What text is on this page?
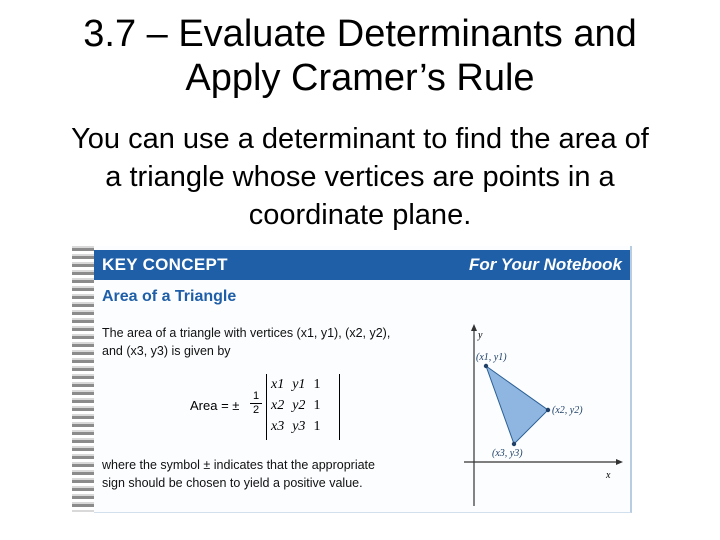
3.7 – Evaluate Determinants and
Apply Cramer’s Rule
You can use a determinant to find the area of
a triangle whose vertices are points in a
coordinate plane.
KEY CONCEPT	For Your Notebook
Area of a Triangle
The area of a triangle with vertices (x1, y1), (x2, y2),
and (x3, y3) is given by
Area = ± $\frac{1}{2}$
x1	y1	1
x2	y2	1
x3	y3	1
where the symbol ± indicates that the appropriate
sign should be chosen to yield a positive value.
y
x
(x1, y1)
(x2, y2)
(x3, y3)
